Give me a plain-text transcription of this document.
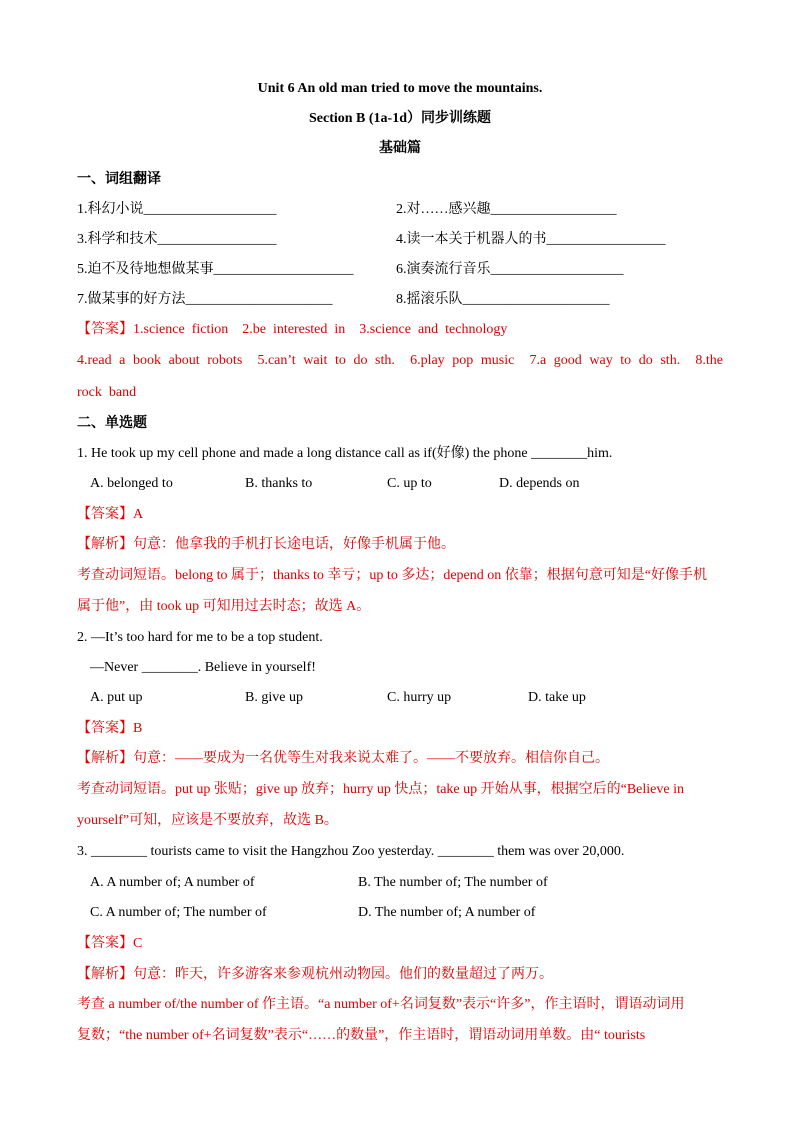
Unit 6 An old man tried to move the mountains.
Section B (1a-1d）同步训练题
基础篇
一、词组翻译
1.科幻小说___________________	2.对……感兴趣__________________
3.科学和技术_________________	4.读一本关于机器人的书_________________
5.迫不及待地想做某事____________________	6.演奏流行音乐___________________
7.做某事的好方法_____________________	8.摇滚乐队_____________________
【答案】1.science  fiction    2.be  interested  in    3.science  and  technology
4.read  a  book  about  robots    5.can’t  wait  to  do  sth.    6.play  pop  music    7.a  good  way  to  do  sth.    8.the
rock  band
二、单选题
1. He took up my cell phone and made a long distance call as if(好像) the phone ________him.
A. belonged to	B. thanks to	C. up to	D. depends on
【答案】A
【解析】句意：他拿我的手机打长途电话，好像手机属于他。
考查动词短语。belong to 属于；thanks to 幸亏；up to 多达；depend on 依靠；根据句意可知是“好像手机
属于他”，由 took up 可知用过去时态；故选 A。
2. —It’s too hard for me to be a top student.
—Never ________. Believe in yourself!
A. put up	B. give up	C. hurry up	D. take up
【答案】B
【解析】句意：——要成为一名优等生对我来说太难了。——不要放弃。相信你自己。
考查动词短语。put up 张贴；give up 放弃；hurry up 快点；take up 开始从事，根据空后的“Believe in
yourself”可知，应该是不要放弃，故选 B。
3. ________ tourists came to visit the Hangzhou Zoo yesterday. ________ them was over 20,000.
A. A number of; A number of	B. The number of; The number of
C. A number of; The number of	D. The number of; A number of
【答案】C
【解析】句意：昨天，许多游客来参观杭州动物园。他们的数量超过了两万。
考查 a number of/the number of 作主语。“a number of+名词复数”表示“许多”，作主语时，谓语动词用
复数；“the number of+名词复数”表示“……的数量”，作主语时，谓语动词用单数。由“ tourists
